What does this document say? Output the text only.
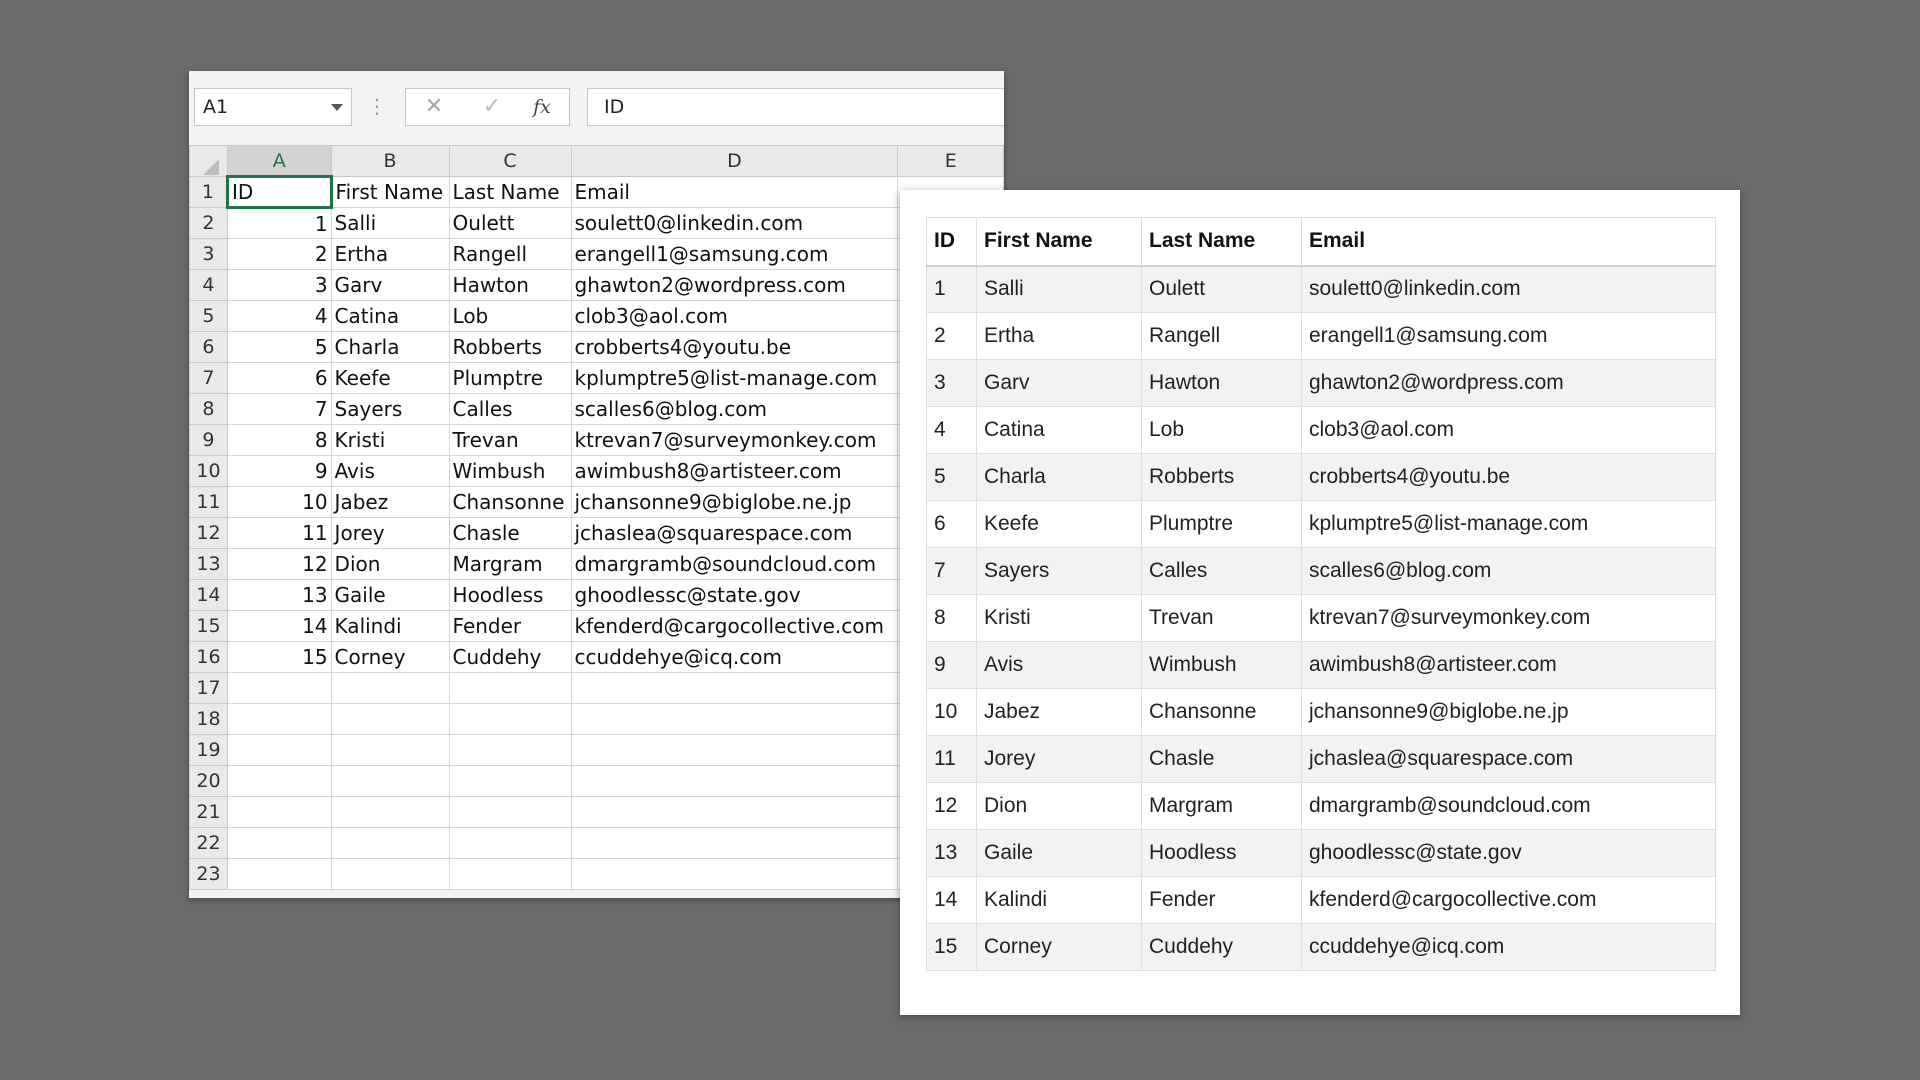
A1	⋮	✕	✓	fx	ID
	A	B	C	D	E
1	ID	First Name	Last Name	Email	
2	1	Salli	Oulett	soulett0@linkedin.com	
3	2	Ertha	Rangell	erangell1@samsung.com	
4	3	Garv	Hawton	ghawton2@wordpress.com	
5	4	Catina	Lob	clob3@aol.com	
6	5	Charla	Robberts	crobberts4@youtu.be	
7	6	Keefe	Plumptre	kplumptre5@list-manage.com	
8	7	Sayers	Calles	scalles6@blog.com	
9	8	Kristi	Trevan	ktrevan7@surveymonkey.com	
10	9	Avis	Wimbush	awimbush8@artisteer.com	
11	10	Jabez	Chansonne	jchansonne9@biglobe.ne.jp	
12	11	Jorey	Chasle	jchaslea@squarespace.com	
13	12	Dion	Margram	dmargramb@soundcloud.com	
14	13	Gaile	Hoodless	ghoodlessc@state.gov	
15	14	Kalindi	Fender	kfenderd@cargocollective.com	
16	15	Corney	Cuddehy	ccuddehye@icq.com	
17					
18					
19					
20					
21					
22					
23					
ID	First Name	Last Name	Email
1	Salli	Oulett	soulett0@linkedin.com
2	Ertha	Rangell	erangell1@samsung.com
3	Garv	Hawton	ghawton2@wordpress.com
4	Catina	Lob	clob3@aol.com
5	Charla	Robberts	crobberts4@youtu.be
6	Keefe	Plumptre	kplumptre5@list-manage.com
7	Sayers	Calles	scalles6@blog.com
8	Kristi	Trevan	ktrevan7@surveymonkey.com
9	Avis	Wimbush	awimbush8@artisteer.com
10	Jabez	Chansonne	jchansonne9@biglobe.ne.jp
11	Jorey	Chasle	jchaslea@squarespace.com
12	Dion	Margram	dmargramb@soundcloud.com
13	Gaile	Hoodless	ghoodlessc@state.gov
14	Kalindi	Fender	kfenderd@cargocollective.com
15	Corney	Cuddehy	ccuddehye@icq.com
